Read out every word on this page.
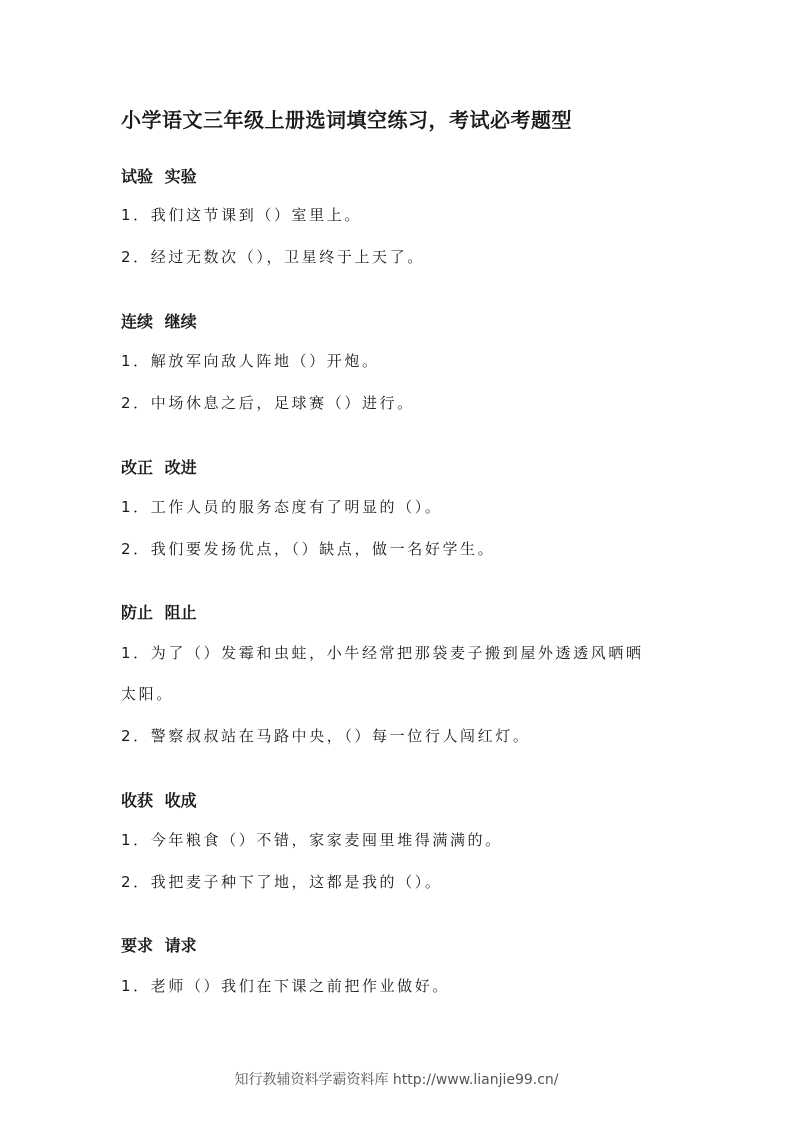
小学语文三年级上册选词填空练习，考试必考题型
试验 实验
1．我们这节课到（）室里上。
2．经过无数次（），卫星终于上天了。
连续 继续
1．解放军向敌人阵地（）开炮。
2．中场休息之后，足球赛（）进行。
改正 改进
1．工作人员的服务态度有了明显的（）。
2．我们要发扬优点，（）缺点，做一名好学生。
防止 阻止
1．为了（）发霉和虫蛀，小牛经常把那袋麦子搬到屋外透透风晒晒
太阳。
2．警察叔叔站在马路中央，（）每一位行人闯红灯。
收获 收成
1．今年粮食（）不错，家家麦囤里堆得满满的。
2．我把麦子种下了地，这都是我的（）。
要求 请求
1．老师（）我们在下课之前把作业做好。
知行教辅资料学霸资料库 http://www.lianjie99.cn/
